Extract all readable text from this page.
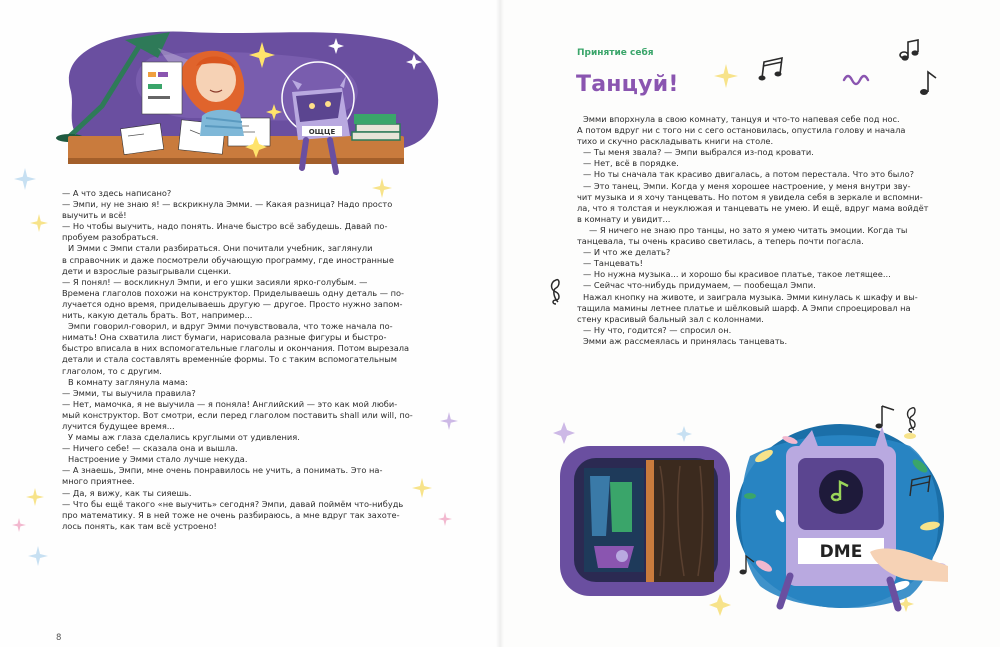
ОЩЦЕ

— А что здесь написано?

— Эмпи, ну не знаю я! — вскрикнула Эмми. — Какая разница? Надо просто

выучить и всё!

— Но чтобы выучить, надо понять. Иначе быстро всё забудешь. Давай по-

пробуем разобраться.

И Эмми с Эмпи стали разбираться. Они почитали учебник, заглянули

в справочник и даже посмотрели обучающую программу, где иностранные

дети и взрослые разыгрывали сценки.

— Я понял! — воскликнул Эмпи, и его ушки засияли ярко-голубым. —

Времена глаголов похожи на конструктор. Приделываешь одну деталь — по-

лучается одно время, приделываешь другую — другое. Просто нужно запом-

нить, какую деталь брать. Вот, например...

Эмпи говорил-говорил, и вдруг Эмми почувствовала, что тоже начала по-

нимать! Она схватила лист бумаги, нарисовала разные фигуры и быстро-

быстро вписала в них вспомогательные глаголы и окончания. Потом вырезала

детали и стала составлять временны́е формы. То с таким вспомогательным

глаголом, то с другим.

В комнату заглянула мама:

— Эмми, ты выучила правила?

— Нет, мамочка, я не выучила — я поняла! Английский — это как мой люби-

мый конструктор. Вот смотри, если перед глаголом поставить shall или will, по-

лучится будущее время...

У мамы аж глаза сделались круглыми от удивления.

— Ничего себе! — сказала она и вышла.

Настроение у Эмми стало лучше некуда.

— А знаешь, Эмпи, мне очень понравилось не учить, а понимать. Это на-

много приятнее.

— Да, я вижу, как ты сияешь.

— Что бы ещё такого «не выучить» сегодня? Эмпи, давай поймём что-нибудь

про математику. Я в ней тоже не очень разбираюсь, а мне вдруг так захоте-

лось понять, как там всё устроено!

8
Принятие себя
Танцуй!

Эмми впорхнула в свою комнату, танцуя и что-то напевая себе под нос.

А потом вдруг ни с того ни с сего остановилась, опустила голову и начала

тихо и скучно раскладывать книги на столе.

— Ты меня звала? — Эмпи выбрался из-под кровати.

— Нет, всё в порядке.

— Но ты сначала так красиво двигалась, а потом перестала. Что это было?

— Это танец, Эмпи. Когда у меня хорошее настроение, у меня внутри зву-

чит музыка и я хочу танцевать. Но потом я увидела себя в зеркале и вспомни-

ла, что я толстая и неуклюжая и танцевать не умею. И ещё, вдруг мама войдёт

в комнату и увидит...

— Я ничего не знаю про танцы, но зато я умею читать эмоции. Когда ты

танцевала, ты очень красиво светилась, а теперь почти погасла.

— И что же делать?

— Танцевать!

— Но нужна музыка... и хорошо бы красивое платье, такое летящее...

— Сейчас что-нибудь придумаем, — пообещал Эмпи.

Нажал кнопку на животе, и заиграла музыка. Эмми кинулась к шкафу и вы-

тащила мамины летнее платье и шёлковый шарф. А Эмпи спроецировал на

стену красивый бальный зал с колоннами.

— Ну что, годится? — спросил он.

Эмми аж рассмеялась и принялась танцевать.

DMЕ
